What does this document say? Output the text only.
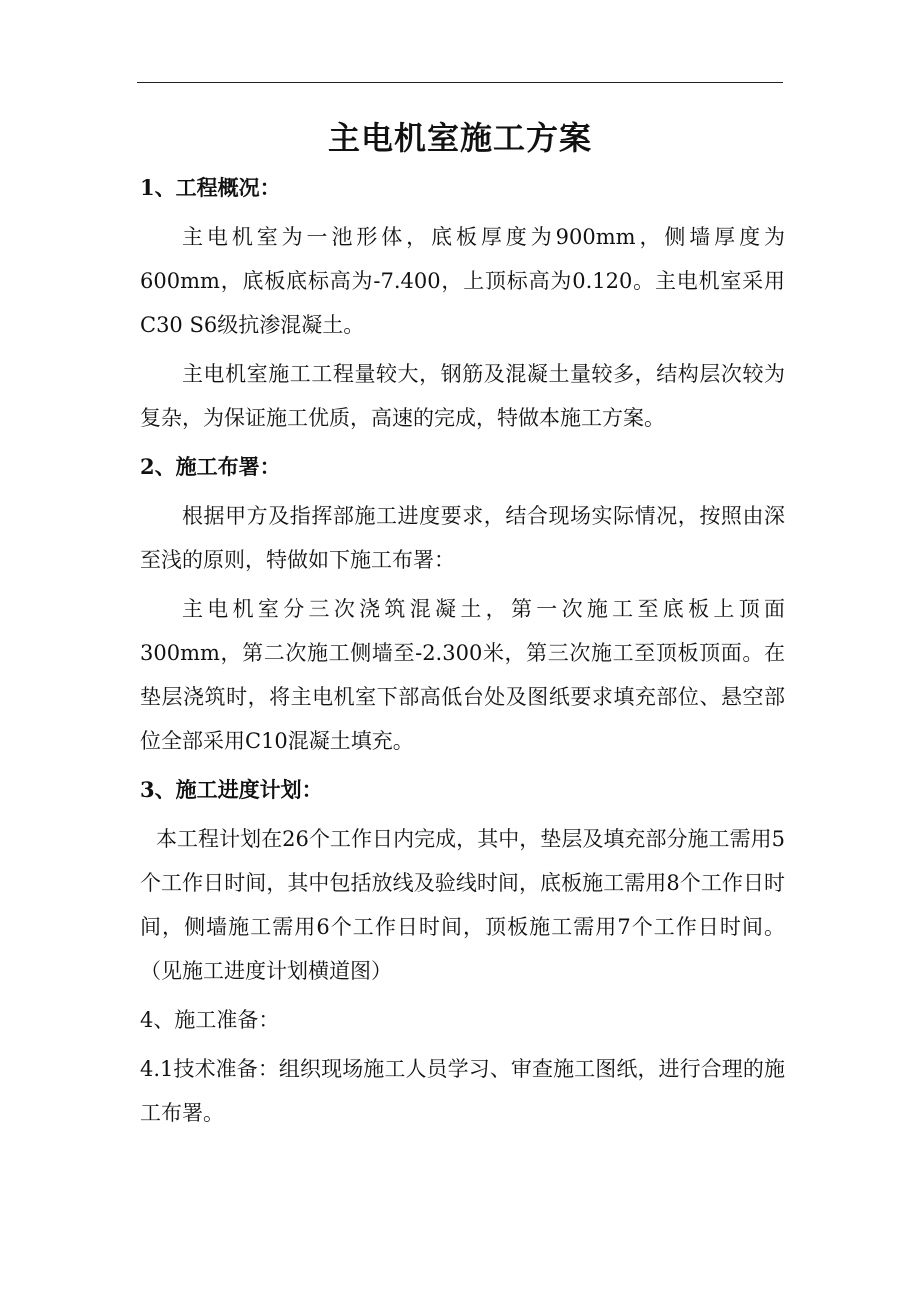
主电机室施工方案
1、工程概况：
主电机室为一池形体，底板厚度为900mm，侧墙厚度为600mm，底板底标高为-7.400，上顶标高为0.120。主电机室采用C30 S6级抗渗混凝土。
主电机室施工工程量较大，钢筋及混凝土量较多，结构层次较为复杂，为保证施工优质，高速的完成，特做本施工方案。
2、施工布署：
根据甲方及指挥部施工进度要求，结合现场实际情况，按照由深至浅的原则，特做如下施工布署：
主电机室分三次浇筑混凝土，第一次施工至底板上顶面300mm，第二次施工侧墙至-2.300米，第三次施工至顶板顶面。在垫层浇筑时，将主电机室下部高低台处及图纸要求填充部位、悬空部位全部采用C10混凝土填充。
3、施工进度计划：
本工程计划在26个工作日内完成，其中，垫层及填充部分施工需用5个工作日时间，其中包括放线及验线时间，底板施工需用8个工作日时间，侧墙施工需用6个工作日时间，顶板施工需用7个工作日时间。（见施工进度计划横道图）
4、施工准备：
4.1技术准备：组织现场施工人员学习、审查施工图纸，进行合理的施工布署。
